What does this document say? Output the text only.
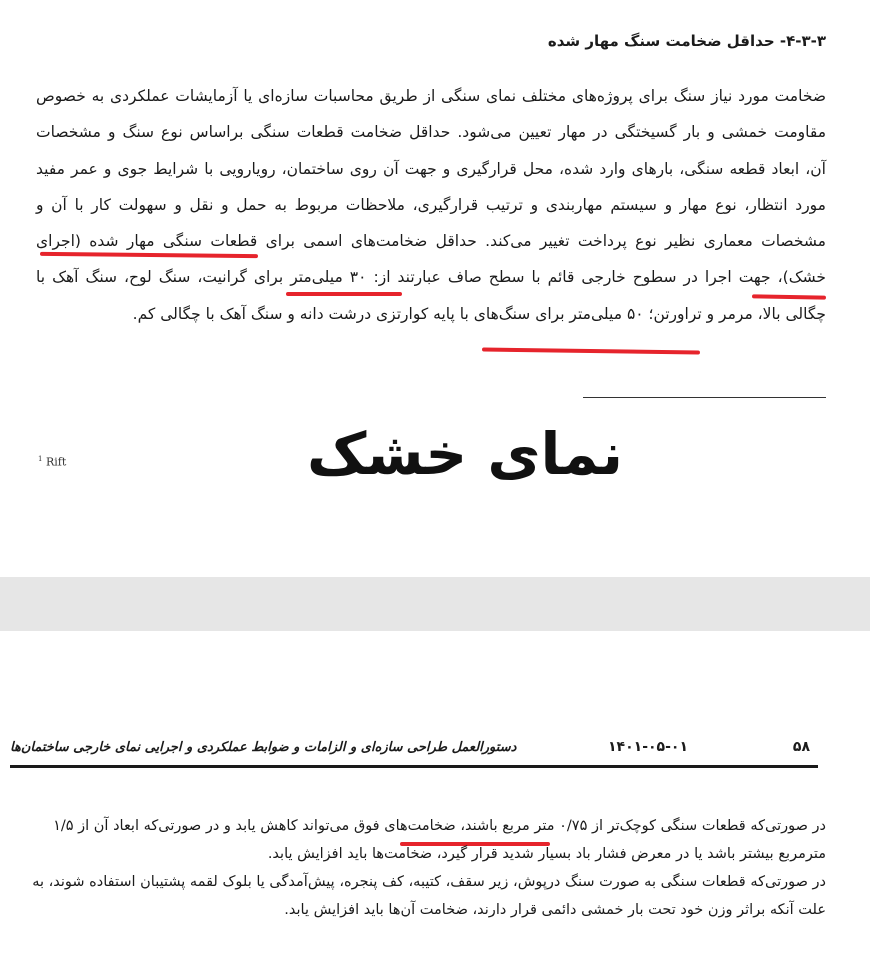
۴-۳-۳- حداقل ضخامت سنگ مهار شده

ضخامت مورد نیاز سنگ برای پروژه‌های مختلف نمای سنگی از طریق محاسبات سازه‌ای یا آزمایشات عملکردی به خصوص
مقاومت خمشی و بار گسیختگی در مهار تعیین می‌شود. حداقل ضخامت قطعات سنگی براساس نوع سنگ و مشخصات
آن، ابعاد قطعه سنگی، بارهای وارد شده، محل قرارگیری و جهت آن روی ساختمان، رویارویی با شرایط جوی و عمر مفید
مورد انتظار، نوع مهار و سیستم مهاربندی و ترتیب قرارگیری، ملاحظات مربوط به حمل و نقل و سهولت کار با آن و
مشخصات معماری نظیر نوع پرداخت تغییر می‌کند. حداقل ضخامت‌های اسمی برای قطعات سنگی مهار شده (اجرای
خشک)، جهت اجرا در سطوح خارجی قائم با سطح صاف عبارتند از: ۳۰ میلی‌متر برای گرانیت، سنگ لوح، سنگ آهک با
چگالی بالا، مرمر و تراورتن؛ ۵۰ میلی‌متر برای سنگ‌های با پایه کوارتزی درشت دانه و سنگ آهک با چگالی کم.

$^1$ Rift	نمای خشک
۵۸
۱۴۰۱-۰۵-۰۱
دستورالعمل طراحی سازه‌ای و الزامات و ضوابط عملکردی و اجرایی نمای خارجی ساختمان‌ها

در صورتی‌که قطعات سنگی کوچک‌تر از ۰/۷۵ متر مربع باشند، ضخامت‌های فوق می‌تواند کاهش یابد و در صورتی‌که ابعاد آن از ۱/۵ مترمربع بیشتر باشد یا در معرض فشار باد بسیار شدید قرار گیرد، ضخامت‌ها باید افزایش یابد.

در صورتی‌که قطعات سنگی به صورت سنگ درپوش، زیر سقف، کتیبه، کف پنجره، پیش‌آمدگی یا بلوک لقمه پشتیبان استفاده شوند، به علت آنکه براثر وزن خود تحت بار خمشی دائمی قرار دارند، ضخامت آن‌ها باید افزایش یابد.
